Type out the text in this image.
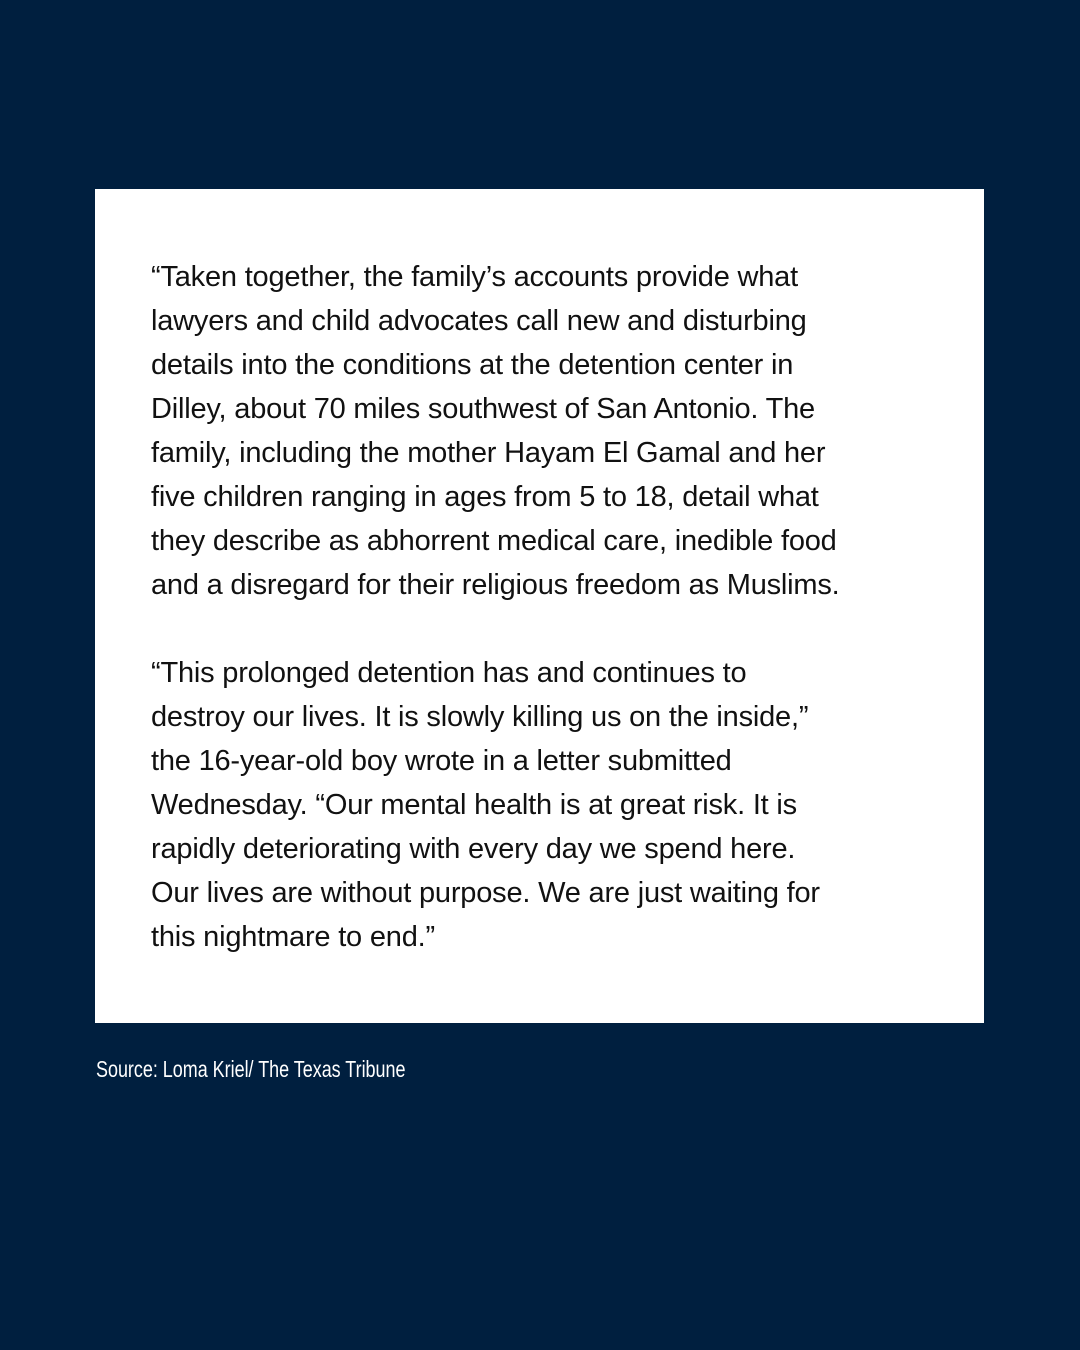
“Taken together, the family’s accounts provide what
lawyers and child advocates call new and disturbing
details into the conditions at the detention center in
Dilley, about 70 miles southwest of San Antonio. The
family, including the mother Hayam El Gamal and her
five children ranging in ages from 5 to 18, detail what
they describe as abhorrent medical care, inedible food
and a disregard for their religious freedom as Muslims.

“This prolonged detention has and continues to
destroy our lives. It is slowly killing us on the inside,”
the 16-year-old boy wrote in a letter submitted
Wednesday. “Our mental health is at great risk. It is
rapidly deteriorating with every day we spend here.
Our lives are without purpose. We are just waiting for
this nightmare to end.”

Source: Loma Kriel/ The Texas Tribune
